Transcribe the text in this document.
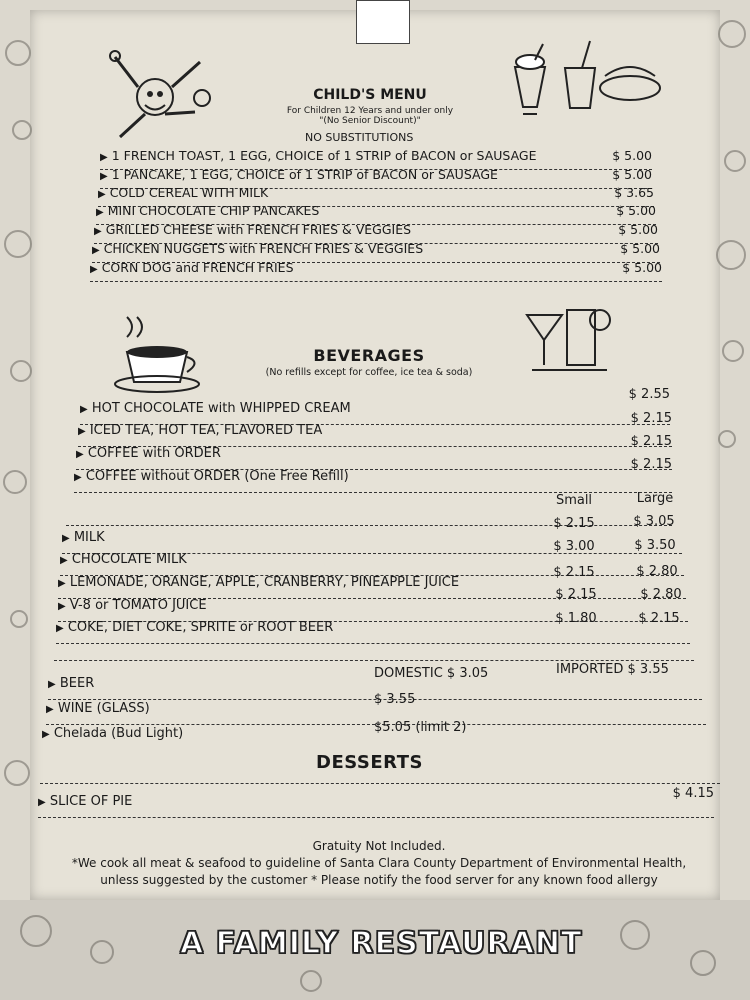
CHILD'S MENU
For Children 12 Years and under only
"(No Senior Discount)"
NO SUBSTITUTIONS
▶ 1 FRENCH TOAST, 1 EGG, CHOICE of 1 STRIP of BACON or SAUSAGE	$ 5.00
▶ 1 PANCAKE, 1 EGG, CHOICE of 1 STRIP of BACON or SAUSAGE	$ 5.00
▶ COLD CEREAL WITH MILK	$ 3.65
▶ MINI CHOCOLATE CHIP PANCAKES	$ 5.00
▶ GRILLED CHEESE with FRENCH FRIES & VEGGIES	$ 5.00
▶ CHICKEN NUGGETS with FRENCH FRIES & VEGGIES	$ 5.00
▶ CORN DOG and FRENCH FRIES	$ 5.00
BEVERAGES
(No refills except for coffee, ice tea & soda)
▶ HOT CHOCOLATE with WHIPPED CREAM
$ 2.55
▶ ICED TEA, HOT TEA, FLAVORED TEA
$ 2.15
▶ COFFEE with ORDER
$ 2.15
▶ COFFEE without ORDER (One Free Refill)
$ 2.15
Small	Large
▶ MILK
$ 2.15	$ 3.05
▶ CHOCOLATE MILK
$ 3.00	$ 3.50
▶ LEMONADE, ORANGE, APPLE, CRANBERRY, PINEAPPLE JUICE
$ 2.15	$ 2.80
▶ V-8 or TOMATO JUICE
$ 2.15	$ 2.80
▶ COKE, DIET COKE, SPRITE or ROOT BEER
$ 1.80	$ 2.15
▶ BEER
DOMESTIC $ 3.05	IMPORTED $ 3.55
▶ WINE (GLASS)
$ 3.55
▶ Chelada (Bud Light)	$5.05 (limit 2)
DESSERTS
▶ SLICE OF PIE
$ 4.15
Gratuity Not Included.
*We cook all meat & seafood to guideline of Santa Clara County Department of Environmental Health,
unless suggested by the customer * Please notify the food server for any known food allergy
A FAMILY RESTAURANT
